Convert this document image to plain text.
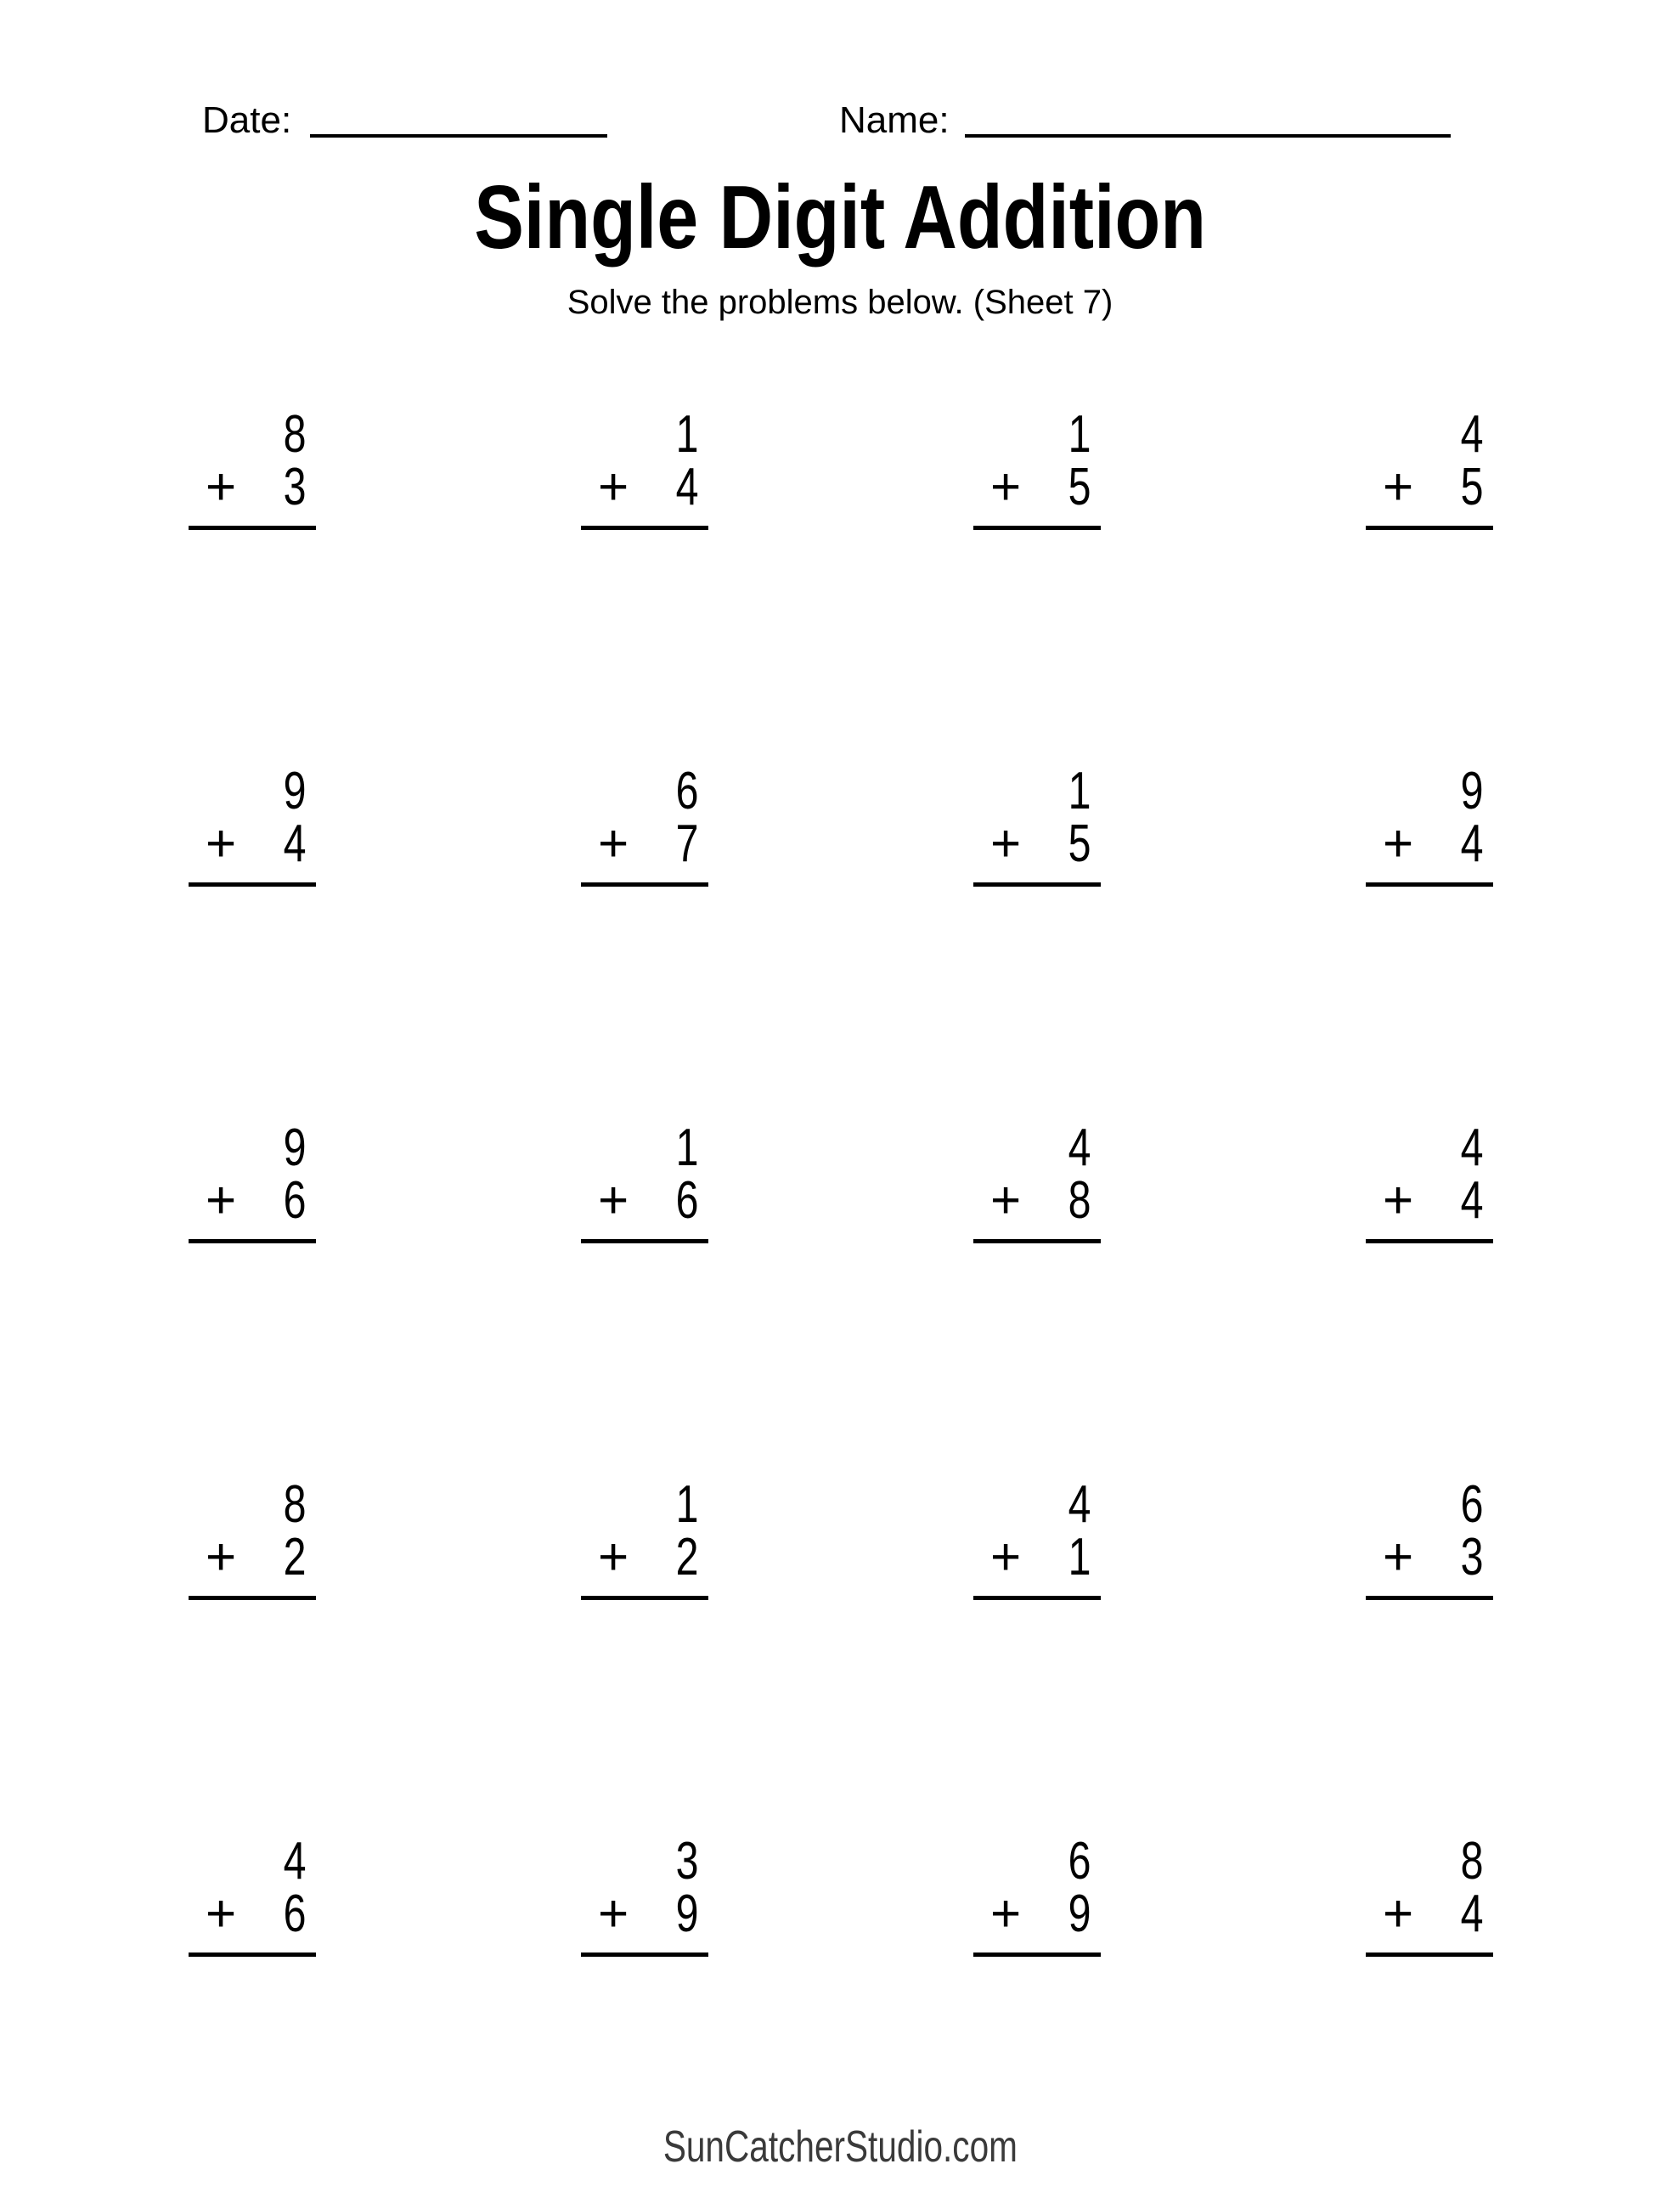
Date:	Name:
Single Digit Addition
Solve the problems below. (Sheet 7)
8
+ 3
1
+ 4
1
+ 5
4
+ 5
9
+ 4
6
+ 7
1
+ 5
9
+ 4
9
+ 6
1
+ 6
4
+ 8
4
+ 4
8
+ 2
1
+ 2
4
+ 1
6
+ 3
4
+ 6
3
+ 9
6
+ 9
8
+ 4
SunCatcherStudio.com
